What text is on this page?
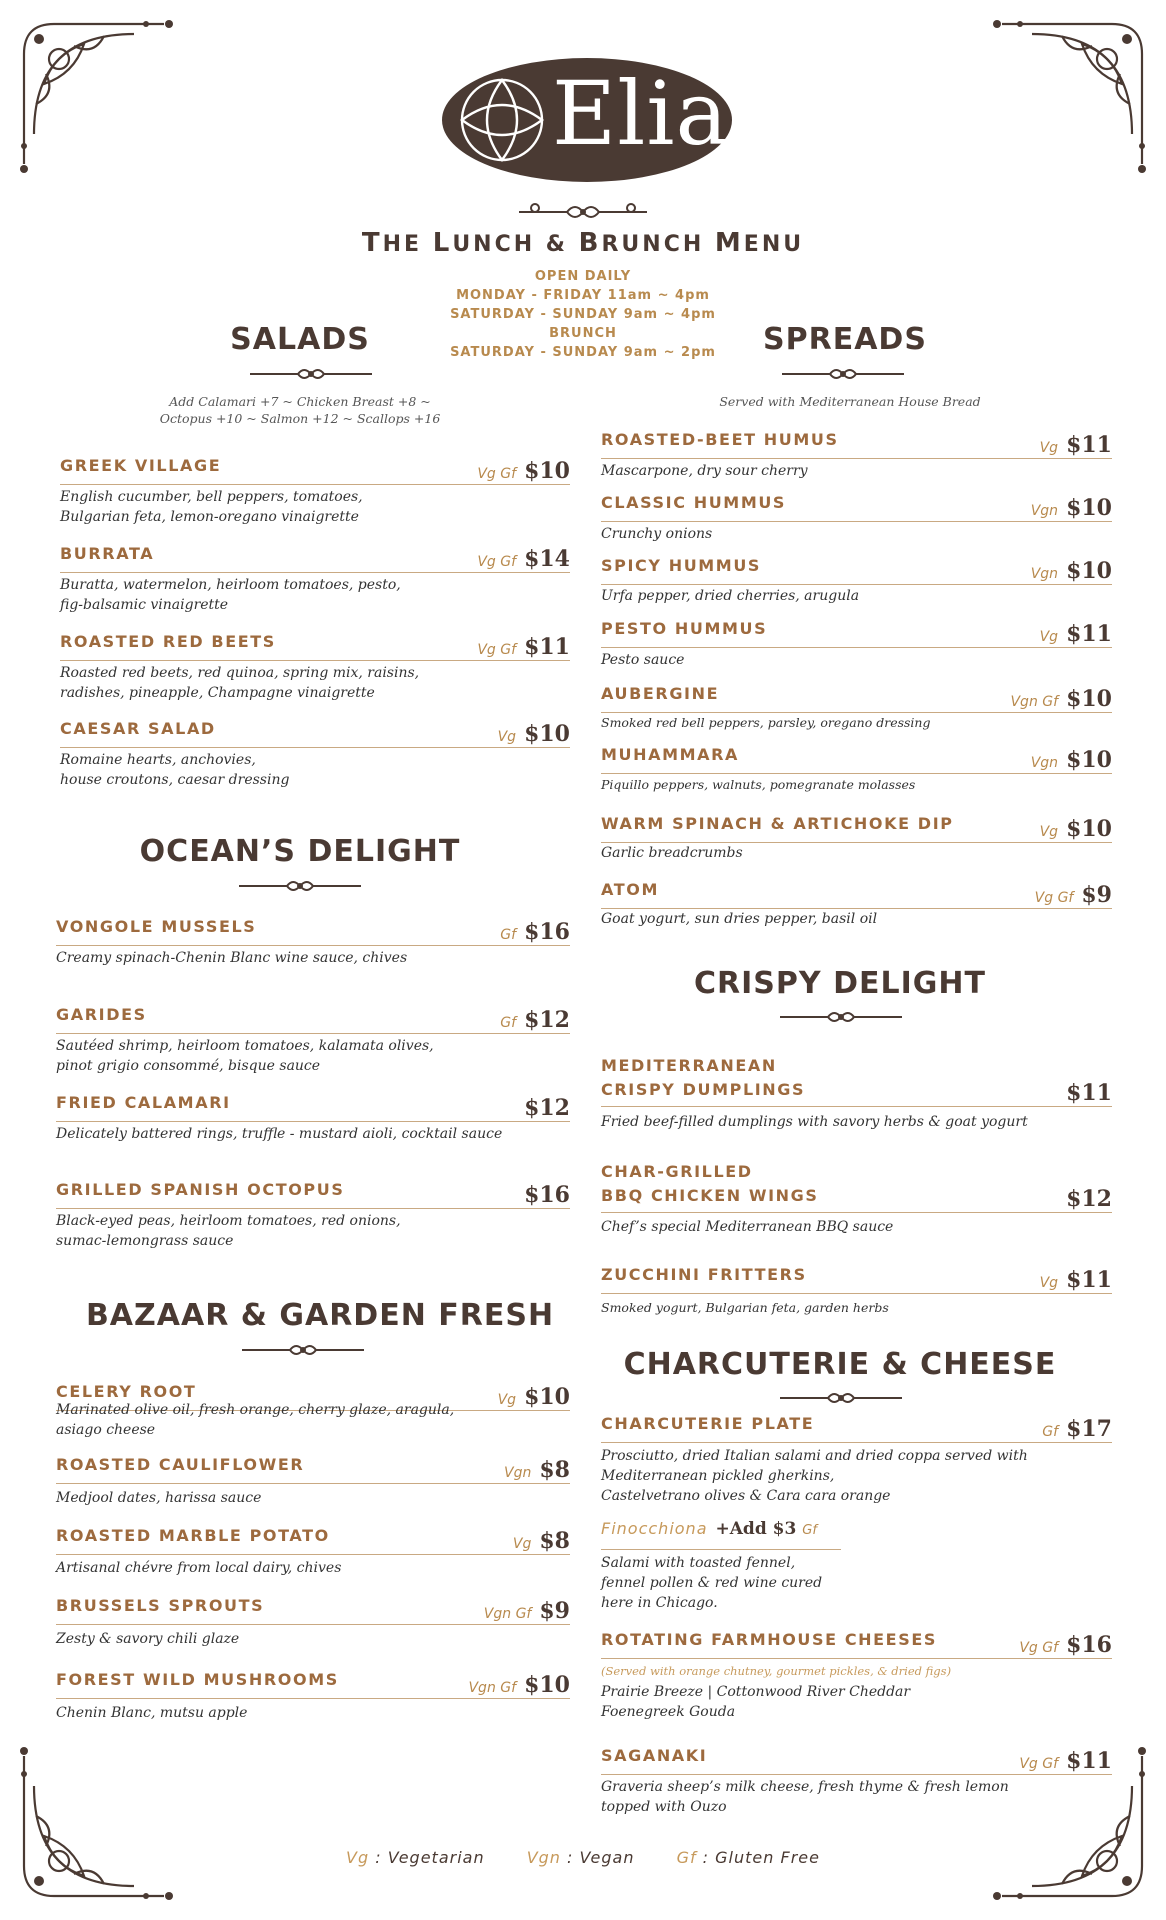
Elia
THE LUNCH & BRUNCH MENU
OPEN DAILY
MONDAY - FRIDAY 11am ~ 4pm
SATURDAY - SUNDAY 9am ~ 4pm
BRUNCH
SATURDAY - SUNDAY 9am ~ 2pm
SALADS	SPREADS
OCEAN’S DELIGHT
BAZAAR & GARDEN FRESH
CRISPY DELIGHT
CHARCUTERIE & CHEESE
Add Calamari +7 ~ Chicken Breast +8 ~
Octopus +10 ~ Salmon +12 ~ Scallops +16
Served with Mediterranean House Bread
GREEK VILLAGE	Vg Gf $10
English cucumber, bell peppers, tomatoes,
Bulgarian feta, lemon-oregano vinaigrette
BURRATA	Vg Gf $14
Buratta, watermelon, heirloom tomatoes, pesto,
fig-balsamic vinaigrette
ROASTED RED BEETS	Vg Gf $11
Roasted red beets, red quinoa, spring mix, raisins,
radishes, pineapple, Champagne vinaigrette
CAESAR SALAD	Vg $10
Romaine hearts, anchovies,
house croutons, caesar dressing
VONGOLE MUSSELS	Gf $16
Creamy spinach-Chenin Blanc wine sauce, chives
GARIDES	Gf $12
Sautéed shrimp, heirloom tomatoes, kalamata olives,
pinot grigio consommé, bisque sauce
FRIED CALAMARI	$12
Delicately battered rings, truffle - mustard aioli, cocktail sauce
GRILLED SPANISH OCTOPUS	$16
Black-eyed peas, heirloom tomatoes, red onions,
sumac-lemongrass sauce
CELERY ROOT	Vg $10
Marinated olive oil, fresh orange, cherry glaze, aragula,
asiago cheese
ROASTED CAULIFLOWER	Vgn $8
Medjool dates, harissa sauce
ROASTED MARBLE POTATO	Vg $8
Artisanal chévre from local dairy, chives
BRUSSELS SPROUTS	Vgn Gf $9
Zesty & savory chili glaze
FOREST WILD MUSHROOMS	Vgn Gf $10
Chenin Blanc, mutsu apple
ROASTED-BEET HUMUS	Vg $11
Mascarpone, dry sour cherry
CLASSIC HUMMUS	Vgn $10
Crunchy onions
SPICY HUMMUS	Vgn $10
Urfa pepper, dried cherries, arugula
PESTO HUMMUS	Vg $11
Pesto sauce
AUBERGINE	Vgn Gf $10
Smoked red bell peppers, parsley, oregano dressing
MUHAMMARA	Vgn $10
Piquillo peppers, walnuts, pomegranate molasses
WARM SPINACH & ARTICHOKE DIP	Vg $10
Garlic breadcrumbs
ATOM	Vg Gf $9
Goat yogurt, sun dries pepper, basil oil
MEDITERRANEAN
CRISPY DUMPLINGS	$11
Fried beef-filled dumplings with savory herbs & goat yogurt
CHAR-GRILLED
BBQ CHICKEN WINGS	$12
Chef’s special Mediterranean BBQ sauce
ZUCCHINI FRITTERS	Vg $11
Smoked yogurt, Bulgarian feta, garden herbs
CHARCUTERIE PLATE	Gf $17
Prosciutto, dried Italian salami and dried coppa served with
Mediterranean pickled gherkins,
Castelvetrano olives & Cara cara orange
Finocchiona +Add $3 Gf
Salami with toasted fennel,
fennel pollen & red wine cured
here in Chicago.
ROTATING FARMHOUSE CHEESES	Vg Gf $16
(Served with orange chutney, gourmet pickles, & dried figs)
Prairie Breeze | Cottonwood River Cheddar
Foenegreek Gouda
SAGANAKI	Vg Gf $11
Graveria sheep’s milk cheese, fresh thyme & fresh lemon
topped with Ouzo
Vg : Vegetarian	Vgn : Vegan	Gf : Gluten Free
